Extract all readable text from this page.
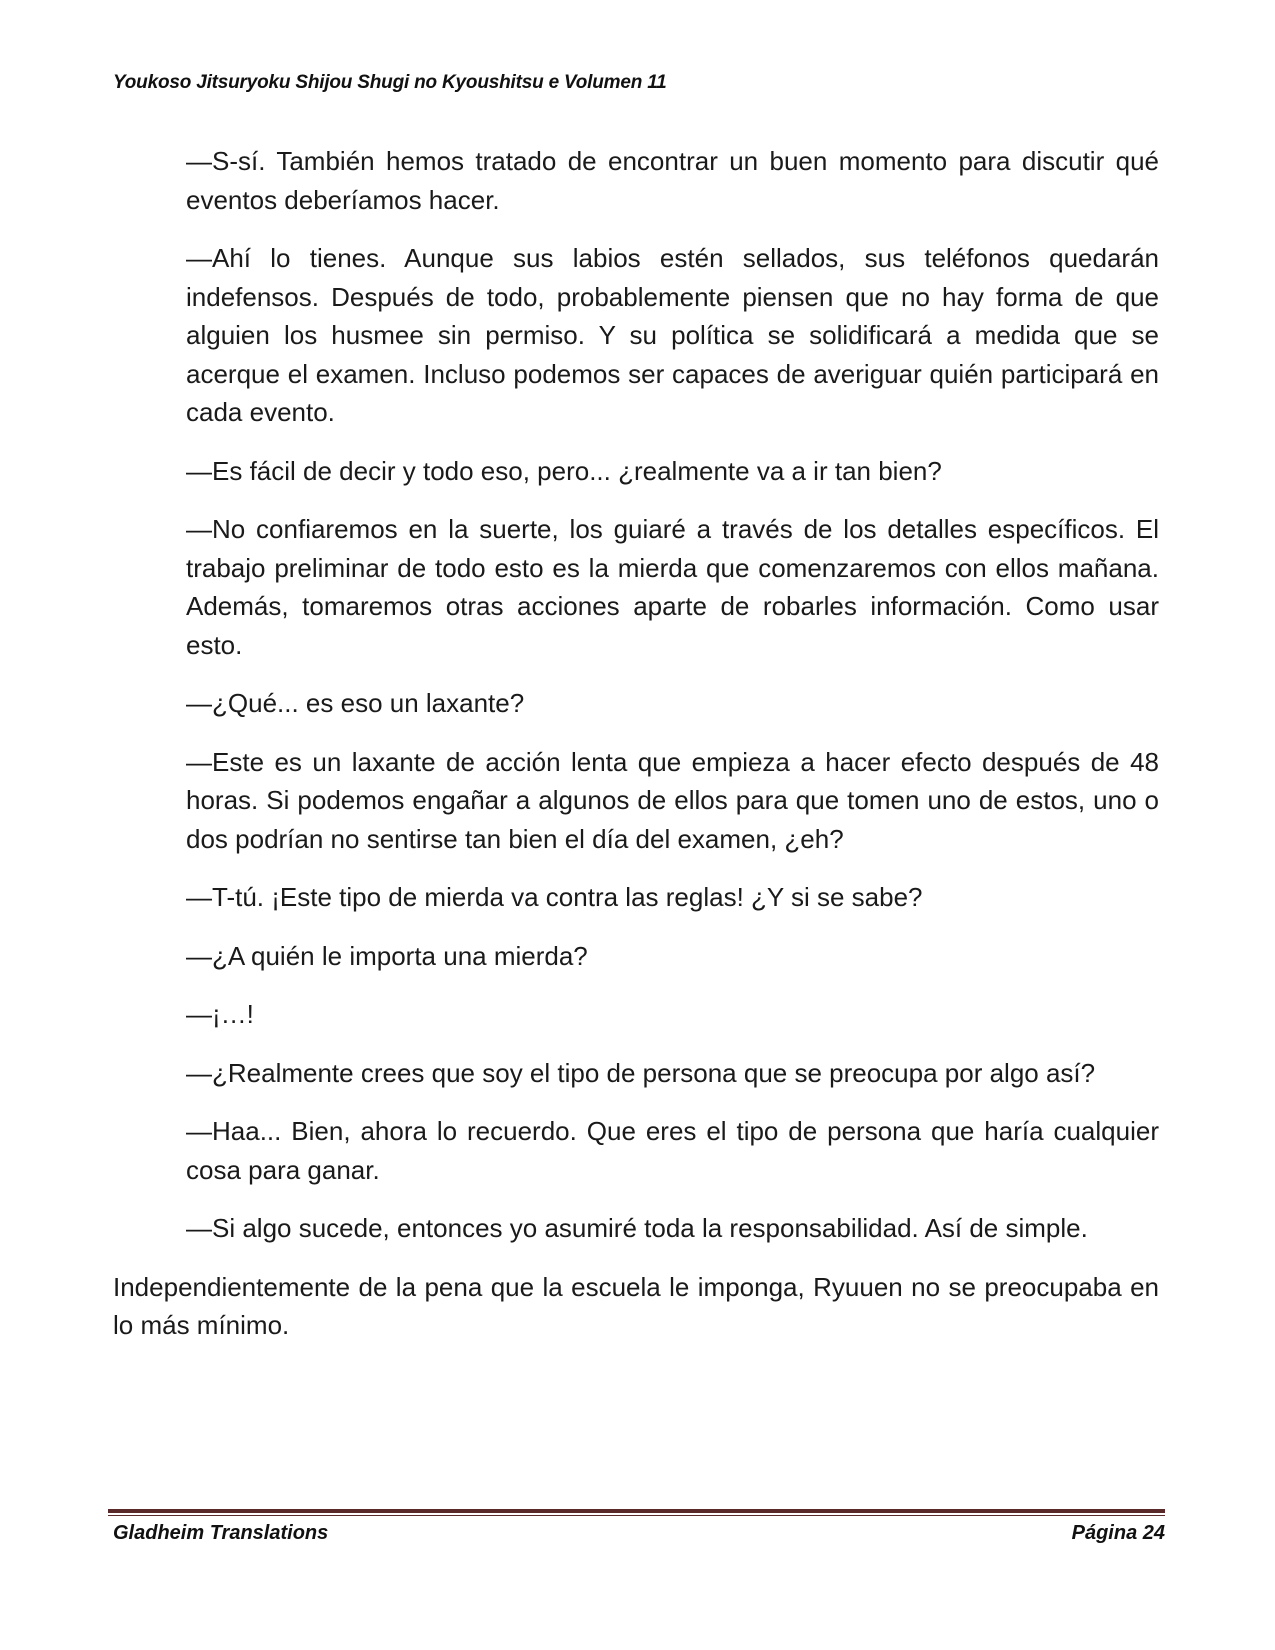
Youkoso Jitsuryoku Shijou Shugi no Kyoushitsu e Volumen 11

—S-sí. También hemos tratado de encontrar un buen momento para discutir qué eventos deberíamos hacer.

—Ahí lo tienes. Aunque sus labios estén sellados, sus teléfonos quedarán indefensos. Después de todo, probablemente piensen que no hay forma de que alguien los husmee sin permiso. Y su política se solidificará a medida que se acerque el examen. Incluso podemos ser capaces de averiguar quién participará en cada evento.

—Es fácil de decir y todo eso, pero... ¿realmente va a ir tan bien?

—No confiaremos en la suerte, los guiaré a través de los detalles específicos. El trabajo preliminar de todo esto es la mierda que comenzaremos con ellos mañana. Además, tomaremos otras acciones aparte de robarles información. Como usar esto.

—¿Qué... es eso un laxante?

—Este es un laxante de acción lenta que empieza a hacer efecto después de 48 horas. Si podemos engañar a algunos de ellos para que tomen uno de estos, uno o dos podrían no sentirse tan bien el día del examen, ¿eh?

—T-tú. ¡Este tipo de mierda va contra las reglas! ¿Y si se sabe?

—¿A quién le importa una mierda?

—¡…!

—¿Realmente crees que soy el tipo de persona que se preocupa por algo así?

—Haa... Bien, ahora lo recuerdo. Que eres el tipo de persona que haría cualquier cosa para ganar.

—Si algo sucede, entonces yo asumiré toda la responsabilidad. Así de simple.

Independientemente de la pena que la escuela le imponga, Ryuuen no se preocupaba en lo más mínimo.

Gladheim Translations	Página 24
